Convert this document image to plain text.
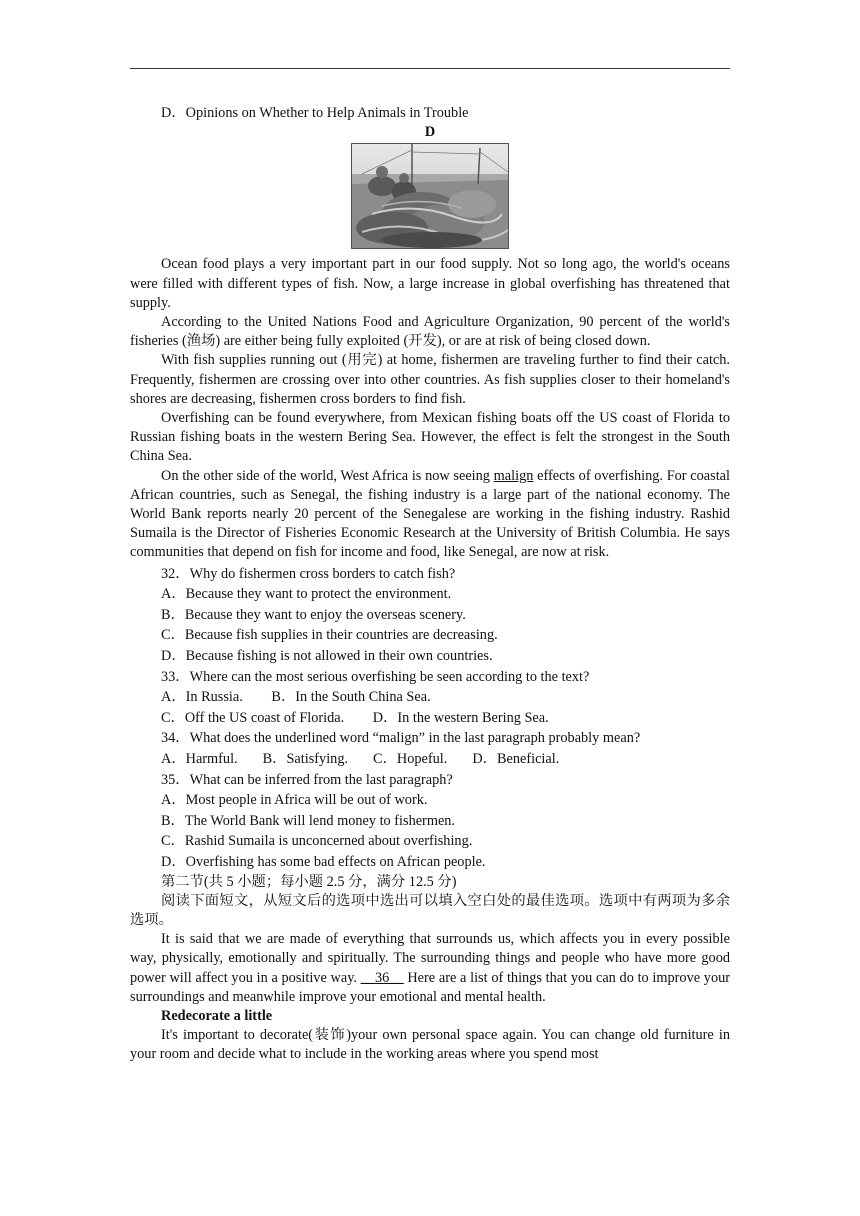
D．Opinions on Whether to Help Animals in Trouble

D

Ocean food plays a very important part in our food supply. Not so long ago, the world's oceans were filled with different types of fish. Now, a large increase in global overfishing has threatened that supply.

According to the United Nations Food and Agriculture Organization, 90 percent of the world's fisheries (渔场) are either being fully exploited (开发), or are at risk of being closed down.

With fish supplies running out (用完) at home, fishermen are traveling further to find their catch. Frequently, fishermen are crossing over into other countries. As fish supplies closer to their homeland's shores are decreasing, fishermen cross borders to find fish.

Overfishing can be found everywhere, from Mexican fishing boats off the US coast of Florida to Russian fishing boats in the western Bering Sea. However, the effect is felt the strongest in the South China Sea.

On the other side of the world, West Africa is now seeing malign effects of overfishing. For coastal African countries, such as Senegal, the fishing industry is a large part of the national economy. The World Bank reports nearly 20 percent of the Senegalese are working in the fishing industry. Rashid Sumaila is the Director of Fisheries Economic Research at the University of British Columbia. He says communities that depend on fish for income and food, like Senegal, are now at risk.

32．Why do fishermen cross borders to catch fish?

A．Because they want to protect the environment.

B．Because they want to enjoy the overseas scenery.

C．Because fish supplies in their countries are decreasing.

D．Because fishing is not allowed in their own countries.

33．Where can the most serious overfishing be seen according to the text?

A．In Russia.        B．In the South China Sea.

C．Off the US coast of Florida.        D．In the western Bering Sea.

34．What does the underlined word “malign” in the last paragraph probably mean?

A．Harmful.       B．Satisfying.       C．Hopeful.       D．Beneficial.

35．What can be inferred from the last paragraph?

A．Most people in Africa will be out of work.

B．The World Bank will lend money to fishermen.

C．Rashid Sumaila is unconcerned about overfishing.

D．Overfishing has some bad effects on African people.

第二节(共 5 小题；每小题 2.5 分，满分 12.5 分)

阅读下面短文，从短文后的选项中选出可以填入空白处的最佳选项。选项中有两项为多余选项。

It is said that we are made of everything that surrounds us, which affects you in every possible way, physically, emotionally and spiritually. The surrounding things and people who have more good power will affect you in a positive way. __36__ Here are a list of things that you can do to improve your surroundings and meanwhile improve your emotional and mental health.

Redecorate a little

It's important to decorate(装饰)your own personal space again. You can change old furniture in your room and decide what to include in the working areas where you spend most
